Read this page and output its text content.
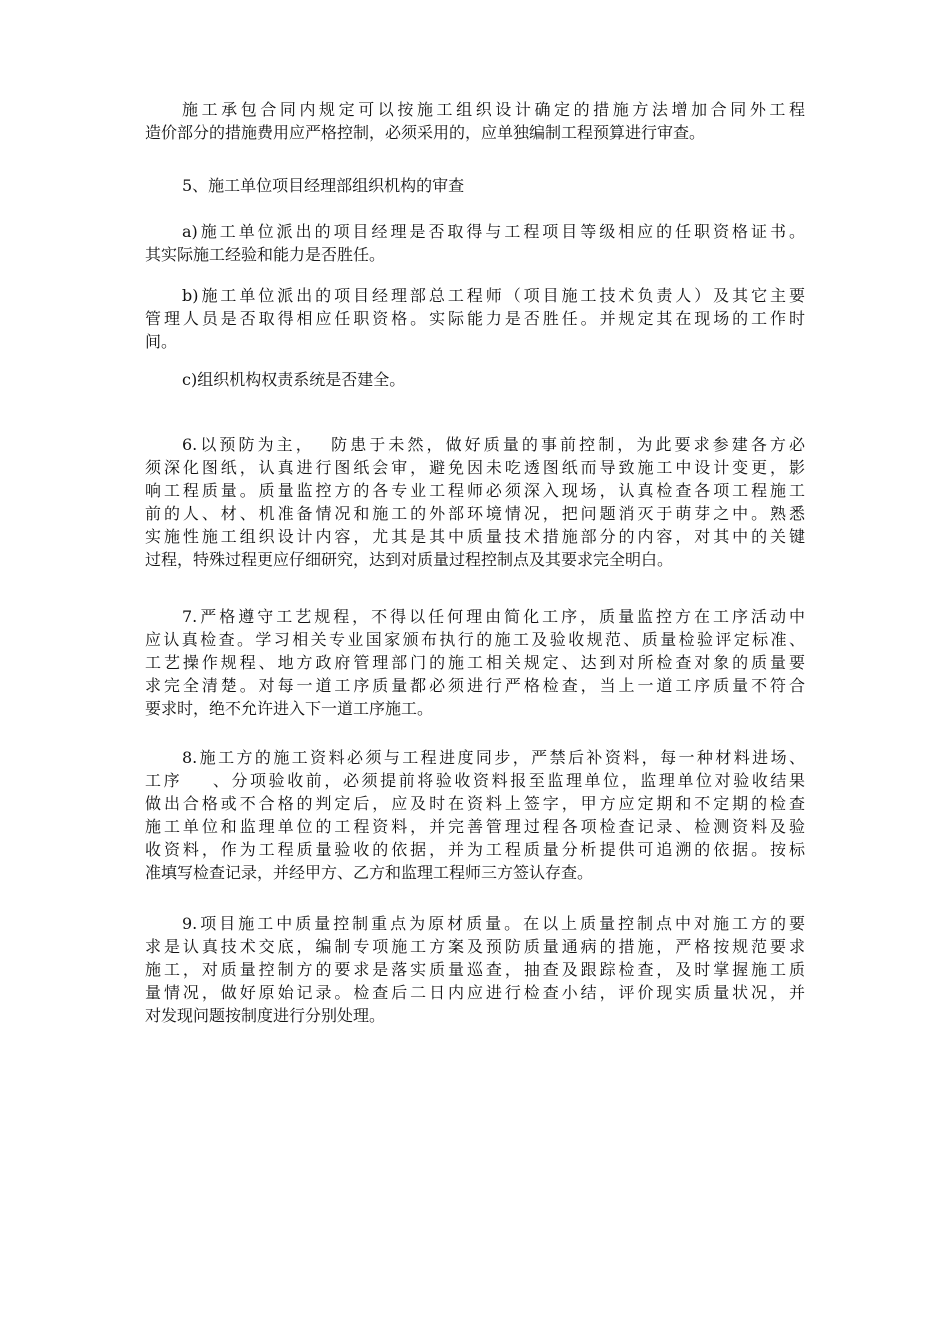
施工承包合同内规定可以按施工组织设计确定的措施方法增加合同外工程
造价部分的措施费用应严格控制，必须采用的，应单独编制工程预算进行审查。

5、施工单位项目经理部组织机构的审查

a)施工单位派出的项目经理是否取得与工程项目等级相应的任职资格证书。
其实际施工经验和能力是否胜任。

b)施工单位派出的项目经理部总工程师（项目施工技术负责人）及其它主要
管理人员是否取得相应任职资格。实际能力是否胜任。并规定其在现场的工作时
间。

c)组织机构权责系统是否建全。

6.以预防为主，  防患于未然，做好质量的事前控制，为此要求参建各方必
须深化图纸，认真进行图纸会审，避免因未吃透图纸而导致施工中设计变更，影
响工程质量。质量监控方的各专业工程师必须深入现场，认真检查各项工程施工
前的人、材、机准备情况和施工的外部环境情况，把问题消灭于萌芽之中。熟悉
实施性施工组织设计内容，尤其是其中质量技术措施部分的内容，对其中的关键
过程，特殊过程更应仔细研究，达到对质量过程控制点及其要求完全明白。

7.严格遵守工艺规程，不得以任何理由简化工序，质量监控方在工序活动中
应认真检查。学习相关专业国家颁布执行的施工及验收规范、质量检验评定标准、
工艺操作规程、地方政府管理部门的施工相关规定、达到对所检查对象的质量要
求完全清楚。对每一道工序质量都必须进行严格检查，当上一道工序质量不符合
要求时，绝不允许进入下一道工序施工。

8.施工方的施工资料必须与工程进度同步，严禁后补资料，每一种材料进场、
工序    、分项验收前，必须提前将验收资料报至监理单位，监理单位对验收结果
做出合格或不合格的判定后，应及时在资料上签字，甲方应定期和不定期的检查
施工单位和监理单位的工程资料，并完善管理过程各项检查记录、检测资料及验
收资料，作为工程质量验收的依据，并为工程质量分析提供可追溯的依据。按标
准填写检查记录，并经甲方、乙方和监理工程师三方签认存查。

9.项目施工中质量控制重点为原材质量。在以上质量控制点中对施工方的要
求是认真技术交底，编制专项施工方案及预防质量通病的措施，严格按规范要求
施工，对质量控制方的要求是落实质量巡查，抽查及跟踪检查，及时掌握施工质
量情况，做好原始记录。检查后二日内应进行检查小结，评价现实质量状况，并
对发现问题按制度进行分别处理。
